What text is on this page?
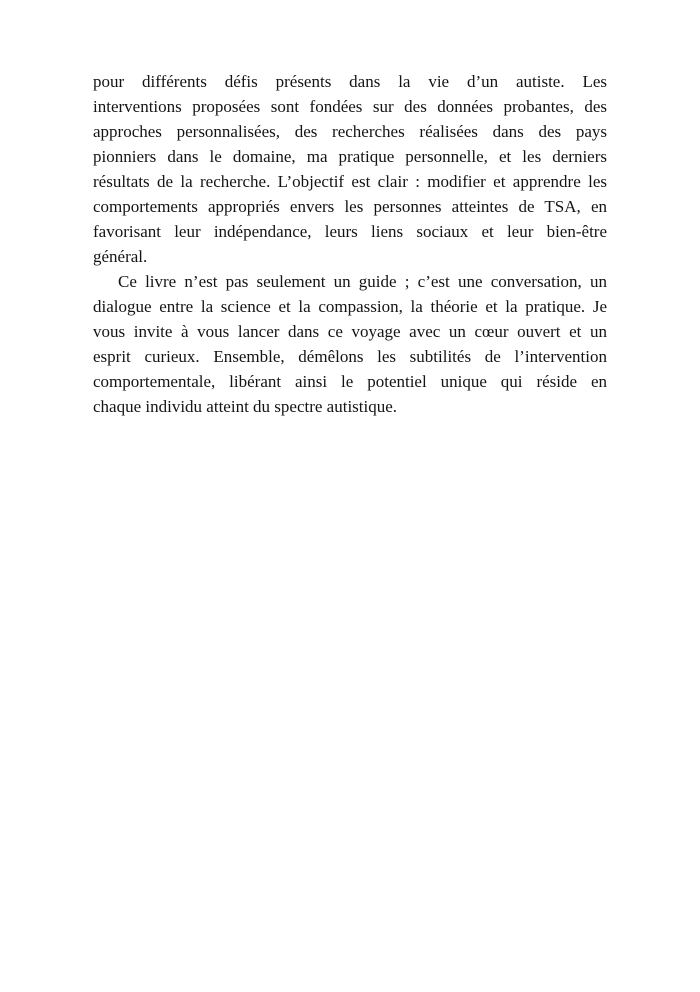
pour différents défis présents dans la vie d’un autiste. Les
interventions proposées sont fondées sur des données probantes, des
approches personnalisées, des recherches réalisées dans des pays
pionniers dans le domaine, ma pratique personnelle, et les derniers
résultats de la recherche. L’objectif est clair : modifier et apprendre les
comportements appropriés envers les personnes atteintes de TSA, en
favorisant leur indépendance, leurs liens sociaux et leur bien-être
général.
Ce livre n’est pas seulement un guide ; c’est une conversation, un
dialogue entre la science et la compassion, la théorie et la pratique. Je
vous invite à vous lancer dans ce voyage avec un cœur ouvert et un
esprit curieux. Ensemble, démêlons les subtilités de l’intervention
comportementale, libérant ainsi le potentiel unique qui réside en
chaque individu atteint du spectre autistique.
